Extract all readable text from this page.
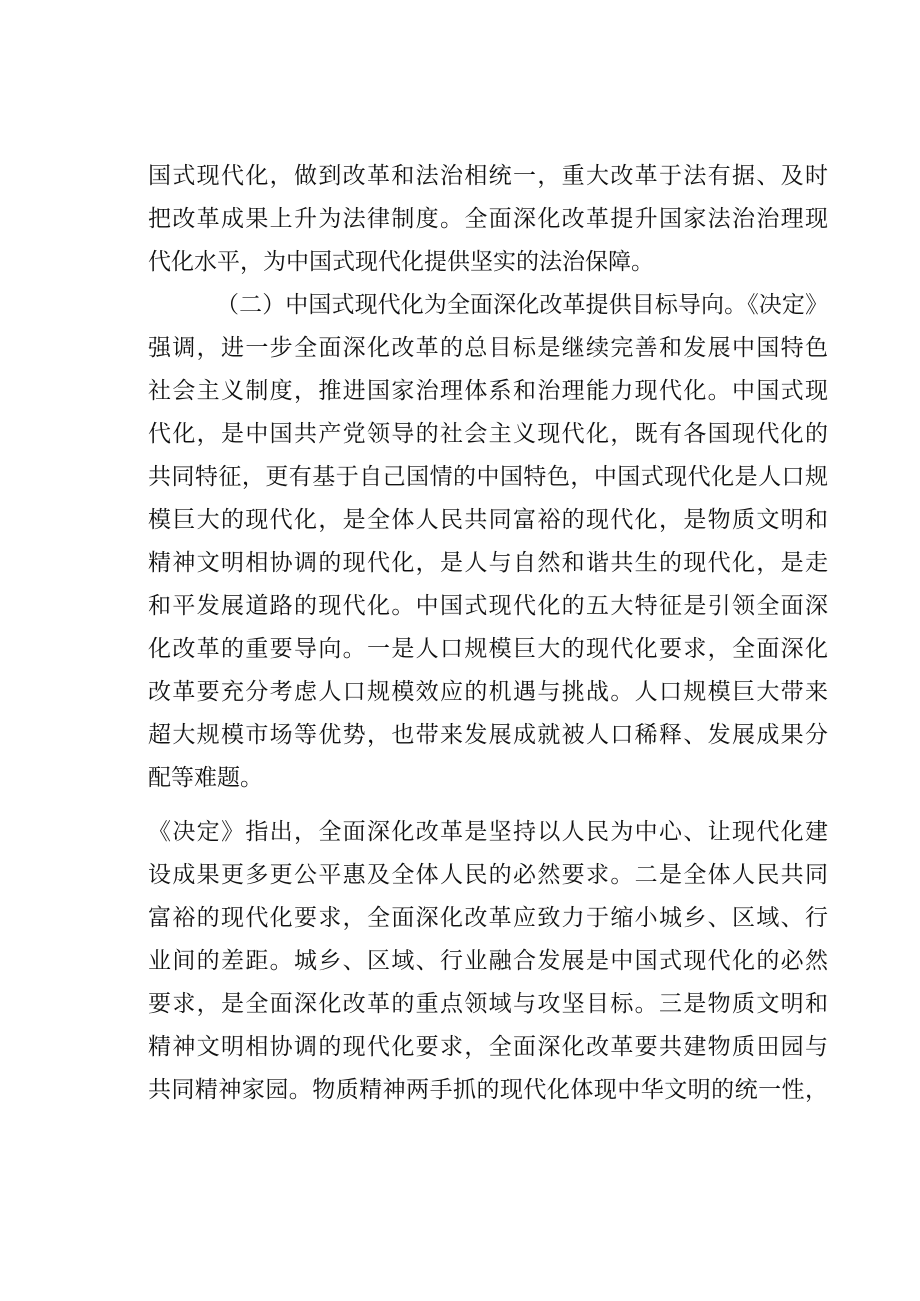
国式现代化，做到改革和法治相统一，重大改革于法有据、及时
把改革成果上升为法律制度。全面深化改革提升国家法治治理现
代化水平，为中国式现代化提供坚实的法治保障。
（二）中国式现代化为全面深化改革提供目标导向。《决定》
强调，进一步全面深化改革的总目标是继续完善和发展中国特色
社会主义制度，推进国家治理体系和治理能力现代化。中国式现
代化，是中国共产党领导的社会主义现代化，既有各国现代化的
共同特征，更有基于自己国情的中国特色，中国式现代化是人口规
模巨大的现代化，是全体人民共同富裕的现代化，是物质文明和
精神文明相协调的现代化，是人与自然和谐共生的现代化，是走
和平发展道路的现代化。中国式现代化的五大特征是引领全面深
化改革的重要导向。一是人口规模巨大的现代化要求，全面深化
改革要充分考虑人口规模效应的机遇与挑战。人口规模巨大带来
超大规模市场等优势，也带来发展成就被人口稀释、发展成果分
配等难题。
《决定》指出，全面深化改革是坚持以人民为中心、让现代化建
设成果更多更公平惠及全体人民的必然要求。二是全体人民共同
富裕的现代化要求，全面深化改革应致力于缩小城乡、区域、行
业间的差距。城乡、区域、行业融合发展是中国式现代化的必然
要求，是全面深化改革的重点领域与攻坚目标。三是物质文明和
精神文明相协调的现代化要求，全面深化改革要共建物质田园与
共同精神家园。物质精神两手抓的现代化体现中华文明的统一性，
